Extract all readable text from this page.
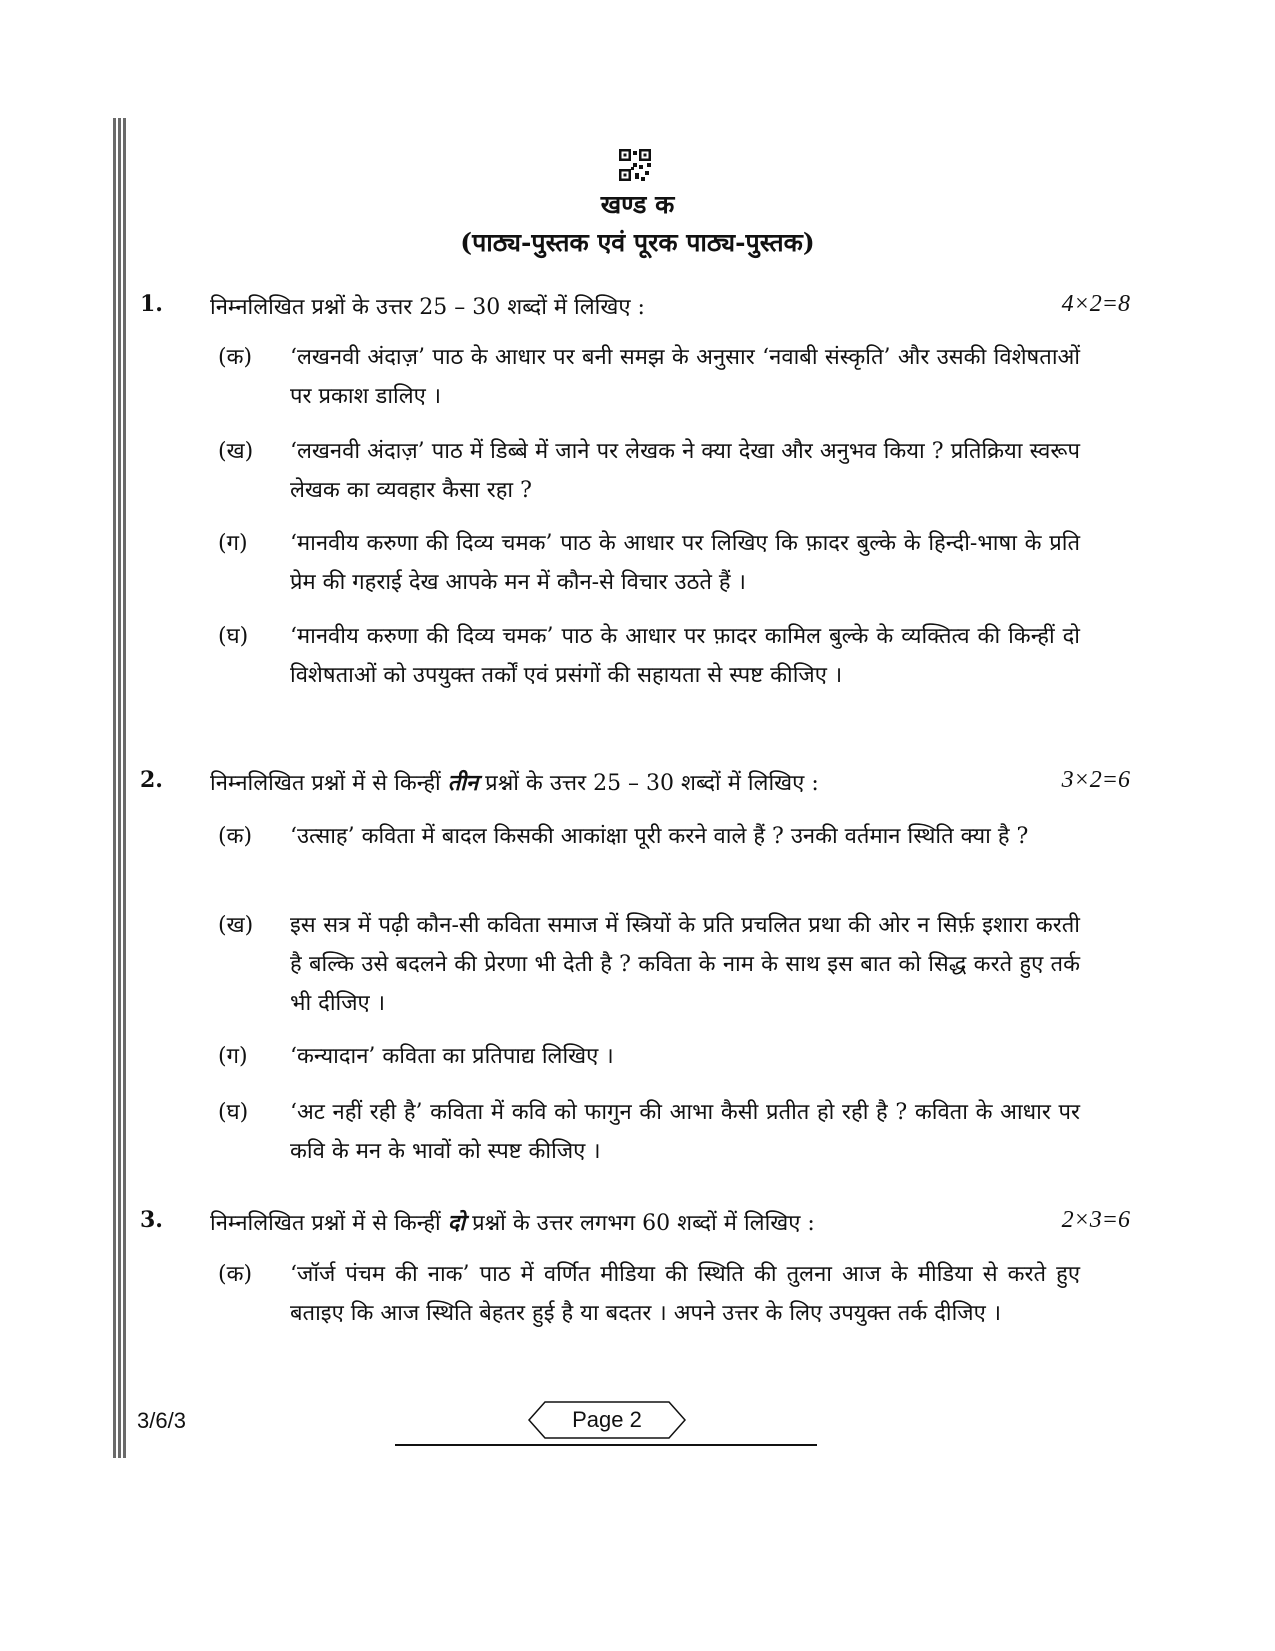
खण्ड क
(पाठ्य-पुस्तक एवं पूरक पाठ्य-पुस्तक)
1. निम्नलिखित प्रश्नों के उत्तर 25 – 30 शब्दों में लिखिए :	4×2=8
(क) ‘लखनवी अंदाज़’ पाठ के आधार पर बनी समझ के अनुसार ‘नवाबी संस्कृति’ और उसकी विशेषताओं पर प्रकाश डालिए ।
(ख) ‘लखनवी अंदाज़’ पाठ में डिब्बे में जाने पर लेखक ने क्या देखा और अनुभव किया ? प्रतिक्रिया स्वरूप लेखक का व्यवहार कैसा रहा ?
(ग) ‘मानवीय करुणा की दिव्य चमक’ पाठ के आधार पर लिखिए कि फ़ादर बुल्के के हिन्दी-भाषा के प्रति प्रेम की गहराई देख आपके मन में कौन-से विचार उठते हैं ।
(घ) ‘मानवीय करुणा की दिव्य चमक’ पाठ के आधार पर फ़ादर कामिल बुल्के के व्यक्तित्व की किन्हीं दो विशेषताओं को उपयुक्त तर्कों एवं प्रसंगों की सहायता से स्पष्ट कीजिए ।
2. निम्नलिखित प्रश्नों में से किन्हीं तीन प्रश्नों के उत्तर 25 – 30 शब्दों में लिखिए :	3×2=6
(क) ‘उत्साह’ कविता में बादल किसकी आकांक्षा पूरी करने वाले हैं ? उनकी वर्तमान स्थिति क्या है ?
(ख) इस सत्र में पढ़ी कौन-सी कविता समाज में स्त्रियों के प्रति प्रचलित प्रथा की ओर न सिर्फ़ इशारा करती है बल्कि उसे बदलने की प्रेरणा भी देती है ? कविता के नाम के साथ इस बात को सिद्ध करते हुए तर्क भी दीजिए ।
(ग) ‘कन्यादान’ कविता का प्रतिपाद्य लिखिए ।
(घ) ‘अट नहीं रही है’ कविता में कवि को फागुन की आभा कैसी प्रतीत हो रही है ? कविता के आधार पर कवि के मन के भावों को स्पष्ट कीजिए ।
3. निम्नलिखित प्रश्नों में से किन्हीं दो प्रश्नों के उत्तर लगभग 60 शब्दों में लिखिए :	2×3=6
(क) ‘जॉर्ज पंचम की नाक’ पाठ में वर्णित मीडिया की स्थिति की तुलना आज के मीडिया से करते हुए बताइए कि आज स्थिति बेहतर हुई है या बदतर । अपने उत्तर के लिए उपयुक्त तर्क दीजिए ।
3/6/3	Page 2
